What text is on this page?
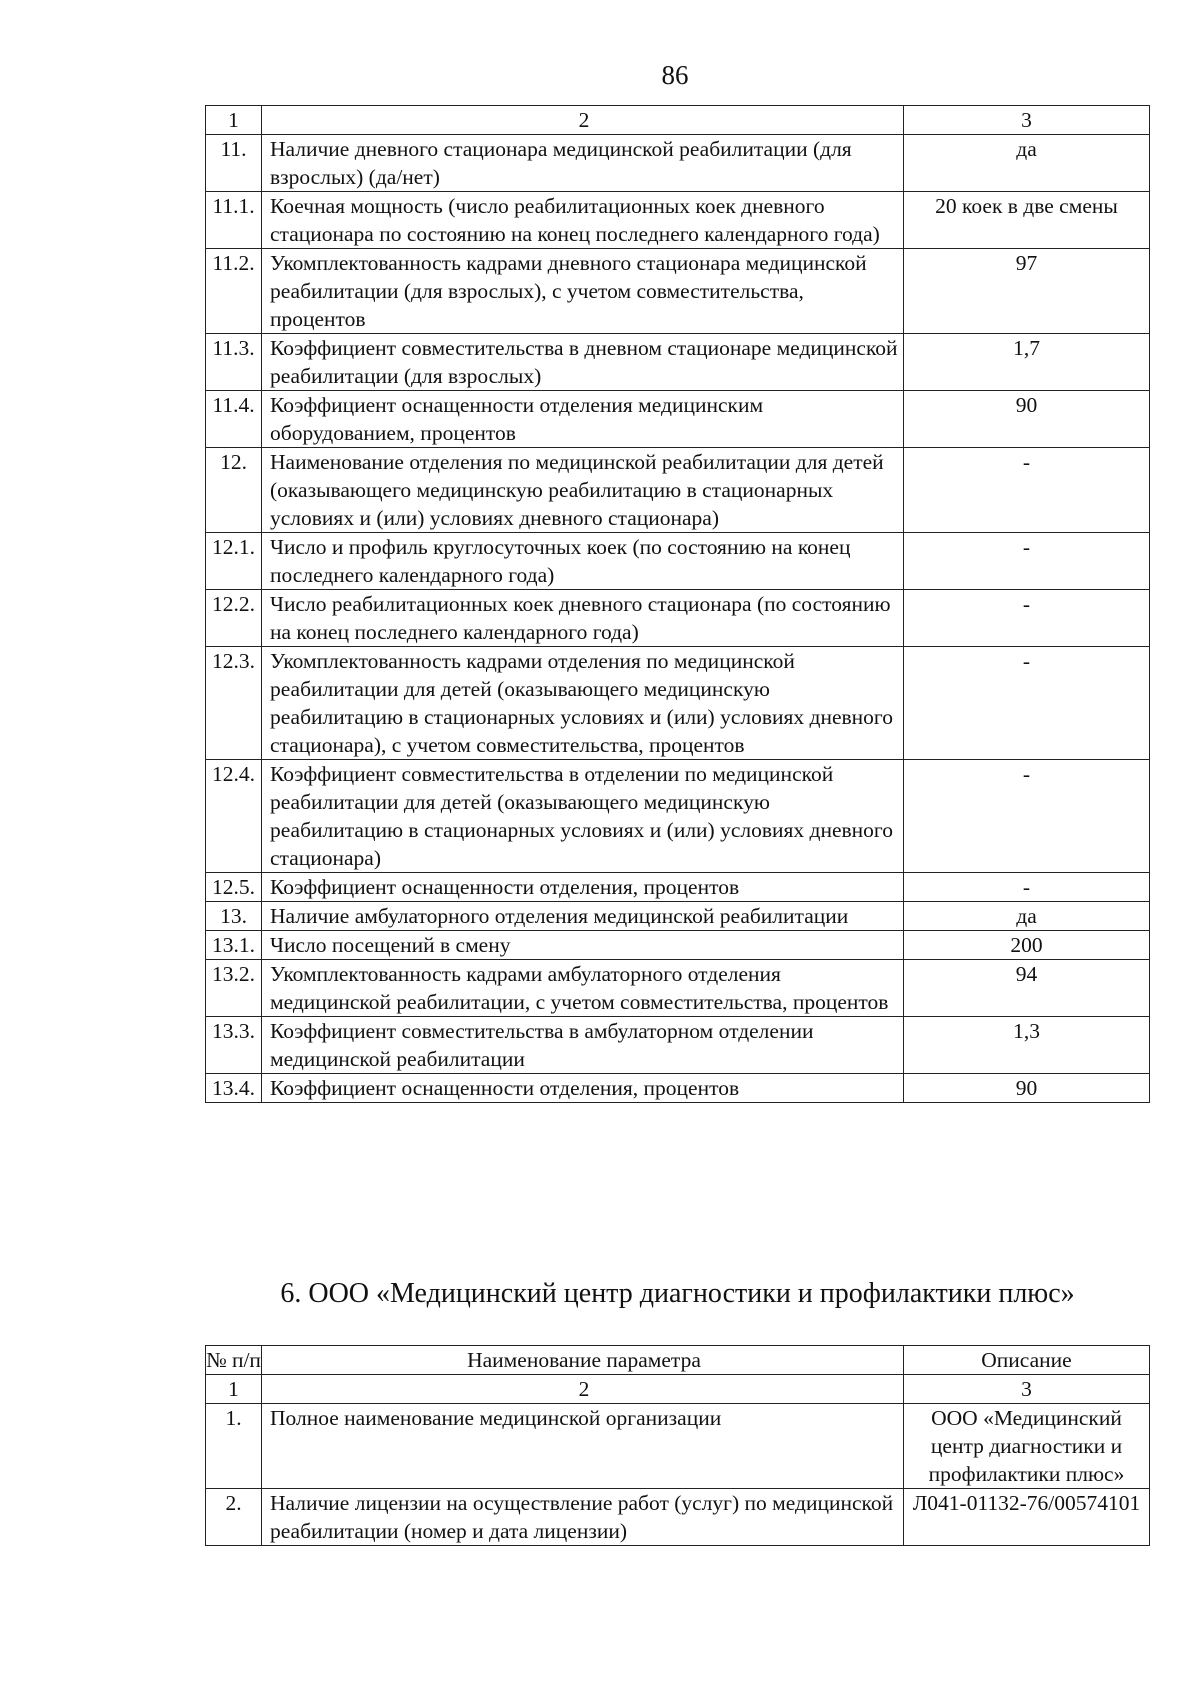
86
1	2	3
11.	Наличие дневного стационара медицинской реабилитации (для взрослых) (да/нет)	да
11.1.	Коечная мощность (число реабилитационных коек дневного стационара по состоянию на конец последнего календарного года)	20 коек в две смены
11.2.	Укомплектованность кадрами дневного стационара медицинской реабилитации (для взрослых), с учетом совместительства, процентов	97
11.3.	Коэффициент совместительства в дневном стационаре медицинской реабилитации (для взрослых)	1,7
11.4.	Коэффициент оснащенности отделения медицинским оборудованием, процентов	90
12.	Наименование отделения по медицинской реабилитации для детей (оказывающего медицинскую реабилитацию в стационарных условиях и (или) условиях дневного стационара)	-
12.1.	Число и профиль круглосуточных коек (по состоянию на конец последнего календарного года)	-
12.2.	Число реабилитационных коек дневного стационара (по состоянию на конец последнего календарного года)	-
12.3.	Укомплектованность кадрами отделения по медицинской реабилитации для детей (оказывающего медицинскую реабилитацию в стационарных условиях и (или) условиях дневного стационара), с учетом совместительства, процентов	-
12.4.	Коэффициент совместительства в отделении по медицинской реабилитации для детей (оказывающего медицинскую реабилитацию в стационарных условиях и (или) условиях дневного стационара)	-
12.5.	Коэффициент оснащенности отделения, процентов	-
13.	Наличие амбулаторного отделения медицинской реабилитации	да
13.1.	Число посещений в смену	200
13.2.	Укомплектованность кадрами амбулаторного отделения медицинской реабилитации, с учетом совместительства, процентов	94
13.3.	Коэффициент совместительства в амбулаторном отделении медицинской реабилитации	1,3
13.4.	Коэффициент оснащенности отделения, процентов	90
6. ООО «Медицинский центр диагностики и профилактики плюс»
№ п/п	Наименование параметра	Описание
1	2	3
1.	Полное наименование медицинской организации	ООО «Медицинский центр диагностики и профилактики плюс»
2.	Наличие лицензии на осуществление работ (услуг) по медицинской реабилитации (номер и дата лицензии)	Л041-01132-76/00574101
